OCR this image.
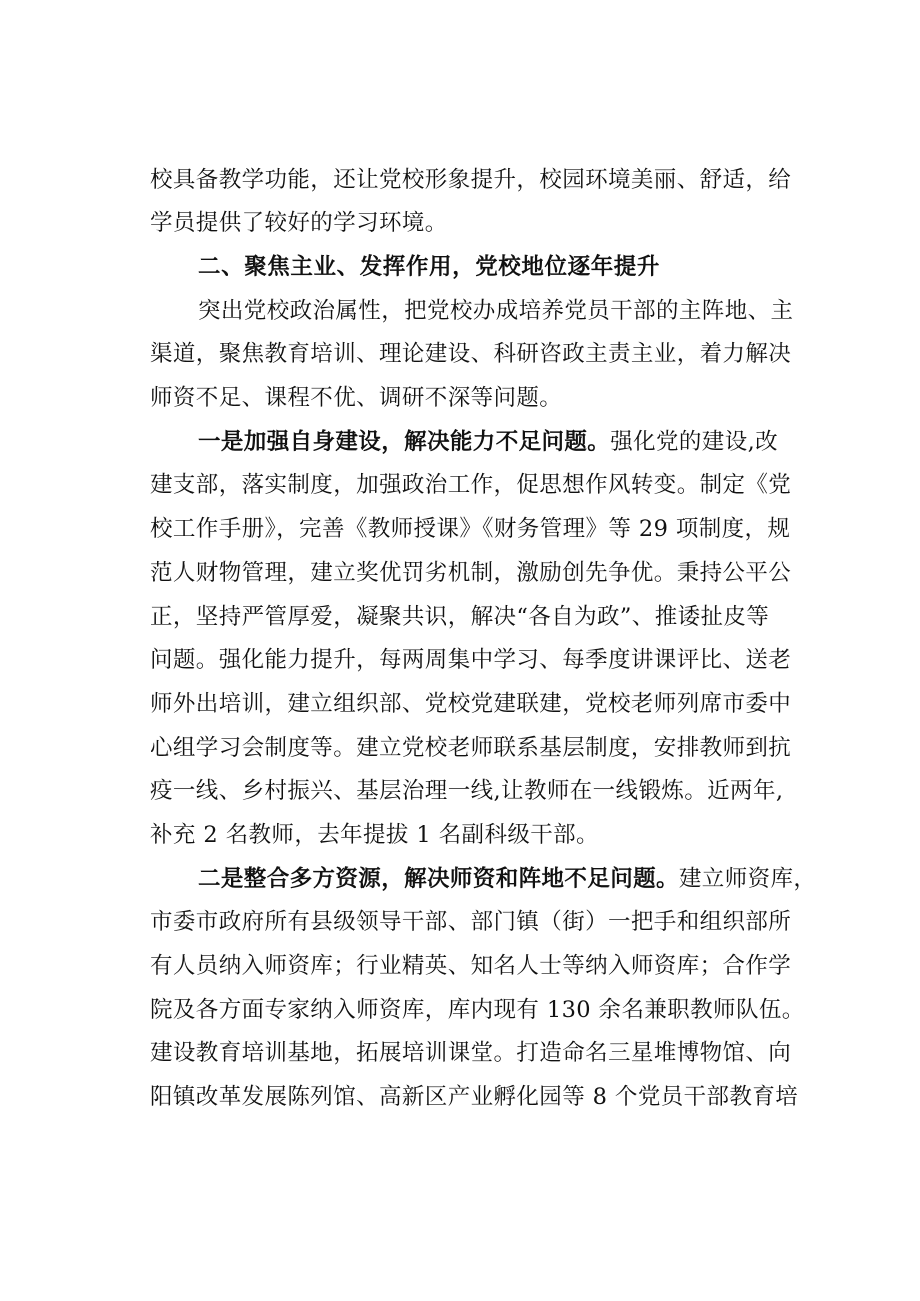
校具备教学功能，还让党校形象提升，校园环境美丽、舒适，给
学员提供了较好的学习环境。
二、聚焦主业、发挥作用，党校地位逐年提升
突出党校政治属性，把党校办成培养党员干部的主阵地、主
渠道，聚焦教育培训、理论建设、科研咨政主责主业，着力解决
师资不足、课程不优、调研不深等问题。
一是加强自身建设，解决能力不足问题。强化党的建设,改
建支部，落实制度，加强政治工作，促思想作风转变。制定《党
校工作手册》，完善《教师授课》《财务管理》等 29 项制度，规
范人财物管理，建立奖优罚劣机制，激励创先争优。秉持公平公
正，坚持严管厚爱，凝聚共识，解决“各自为政”、推诿扯皮等
问题。强化能力提升，每两周集中学习、每季度讲课评比、送老
师外出培训，建立组织部、党校党建联建，党校老师列席市委中
心组学习会制度等。建立党校老师联系基层制度，安排教师到抗
疫一线、乡村振兴、基层治理一线,让教师在一线锻炼。近两年,
补充 2 名教师，去年提拔 1 名副科级干部。
二是整合多方资源，解决师资和阵地不足问题。建立师资库，
市委市政府所有县级领导干部、部门镇（街）一把手和组织部所
有人员纳入师资库；行业精英、知名人士等纳入师资库；合作学
院及各方面专家纳入师资库，库内现有 130 余名兼职教师队伍。
建设教育培训基地，拓展培训课堂。打造命名三星堆博物馆、向
阳镇改革发展陈列馆、高新区产业孵化园等 8 个党员干部教育培
